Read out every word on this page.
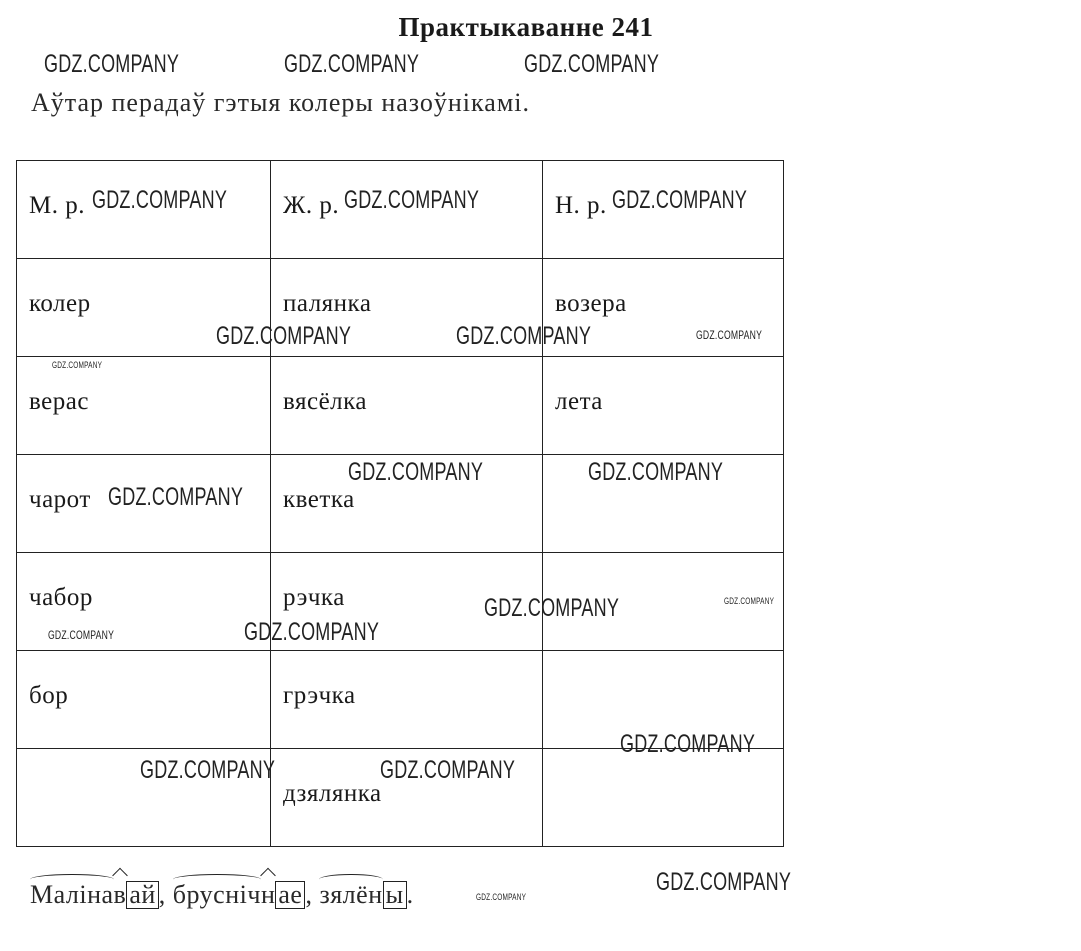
Практыкаванне 241
Аўтар перадаў гэтыя колеры назоўнікамі.
М. р.	Ж. р.	Н. р.
колер	палянка	возера
верас	вясёлка	лета
чарот	кветка	
чабор	рэчка	
бор	грэчка	
	дзялянка	
Малінав ай , бруснічн ае , зялён ы .
GDZ.COMPANY	GDZ.COMPANY	GDZ.COMPANY
GDZ.COMPANY	GDZ.COMPANY	GDZ.COMPANY
GDZ.COMPANY	GDZ.COMPANY	GDZ.COMPANY
GDZ.COMPANY
GDZ.COMPANY	GDZ.COMPANY
GDZ.COMPANY
GDZ.COMPANY	GDZ.COMPANY
GDZ.COMPANY
GDZ.COMPANY
GDZ.COMPANY
GDZ.COMPANY	GDZ.COMPANY
GDZ.COMPANY
GDZ.COMPANY
